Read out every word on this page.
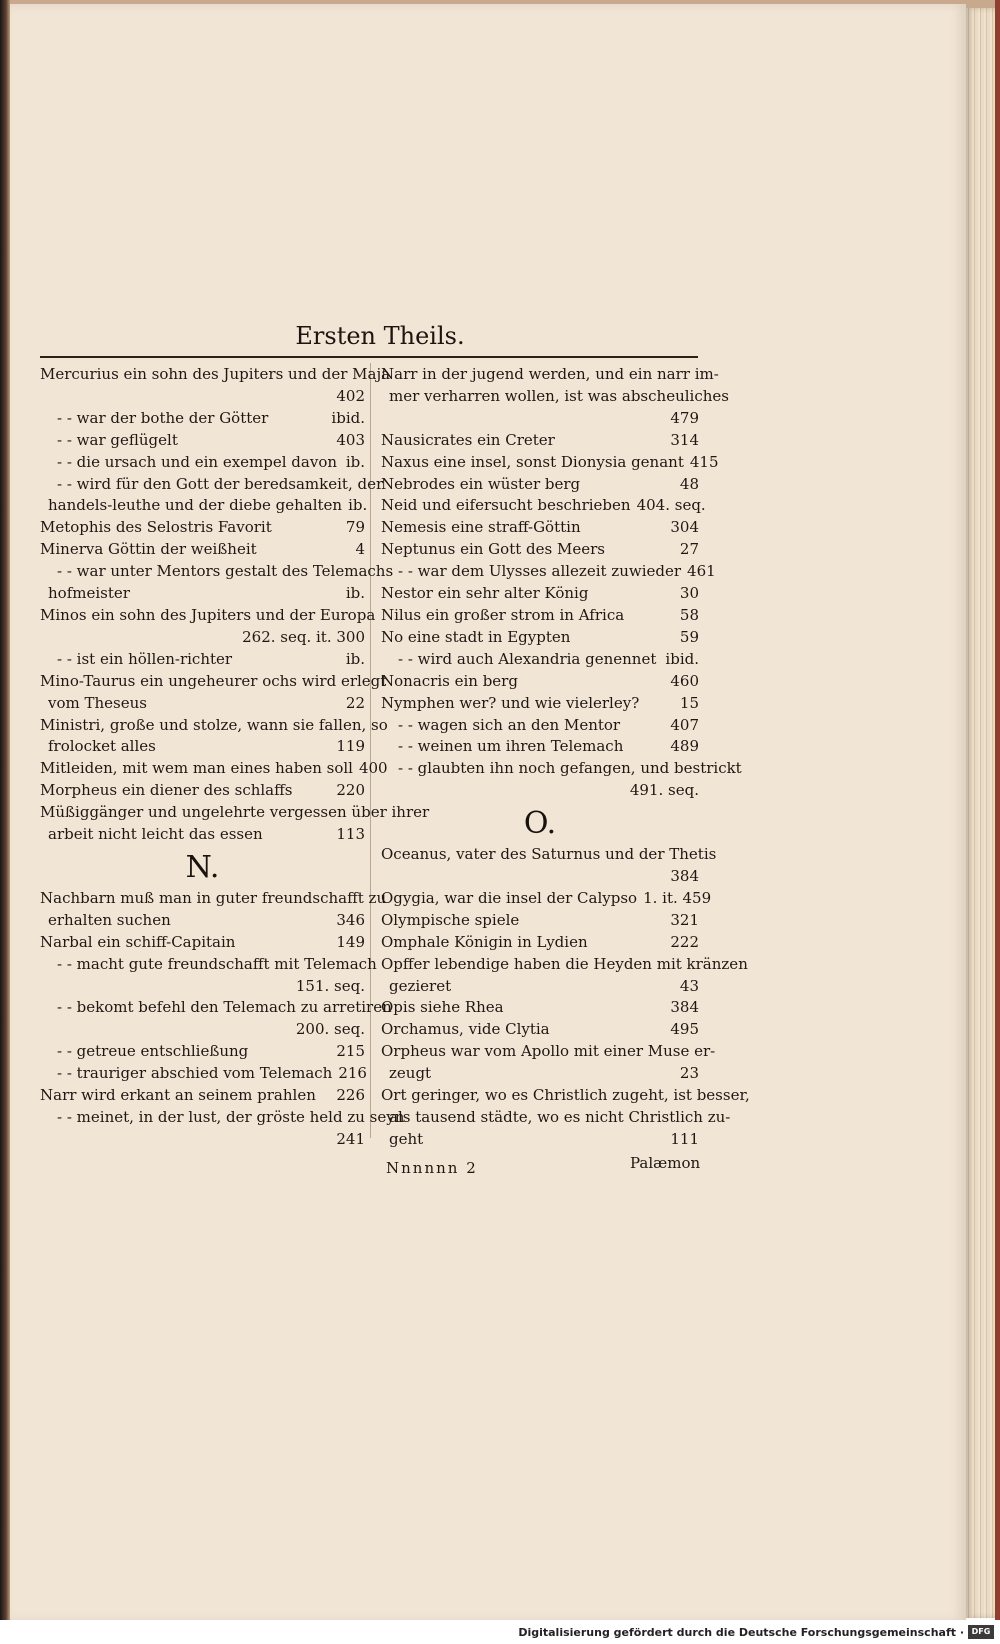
Ersten Theils.
Mercurius ein sohn des Jupiters und der Maja
402
- - war der bothe der Götter	ibid.
- - war geflügelt	403
- - die ursach und ein exempel davon ib.
- - wird für den Gott der beredsamkeit, der
handels-leuthe und der diebe gehalten ib.
Metophis des Selostris Favorit	79
Minerva Göttin der weißheit	4
- - war unter Mentors gestalt des Telemachs
hofmeister	ib.
Minos ein sohn des Jupiters und der Europa
262. seq. it. 300
- - ist ein höllen-richter	ib.
Mino-Taurus ein ungeheurer ochs wird erlegt
vom Theseus	22
Ministri, große und stolze, wann sie fallen, so
frolocket alles	119
Mitleiden, mit wem man eines haben soll 400
Morpheus ein diener des schlaffs	220
Müßiggänger und ungelehrte vergessen über ihrer
arbeit nicht leicht das essen	113
N.
Nachbarn muß man in guter freundschafft zu
erhalten suchen	346
Narbal ein schiff-Capitain	149
- - macht gute freundschafft mit Telemach
151. seq.
- - bekomt befehl den Telemach zu arretiren
200. seq.
- - getreue entschließung	215
- - trauriger abschied vom Telemach 216
Narr wird erkant an seinem prahlen	226
- - meinet, in der lust, der gröste held zu seyn
241
Narr in der jugend werden, und ein narr im-
mer verharren wollen, ist was abscheuliches
479
Nausicrates ein Creter	314
Naxus eine insel, sonst Dionysia genant 415
Nebrodes ein wüster berg	48
Neid und eifersucht beschrieben 404. seq.
Nemesis eine straff-Göttin	304
Neptunus ein Gott des Meers	27
- - war dem Ulysses allezeit zuwieder 461
Nestor ein sehr alter König	30
Nilus ein großer strom in Africa	58
No eine stadt in Egypten	59
- - wird auch Alexandria genennet ibid.
Nonacris ein berg	460
Nymphen wer? und wie vielerley?	15
- - wagen sich an den Mentor	407
- - weinen um ihren Telemach	489
- - glaubten ihn noch gefangen, und bestrickt
491. seq.
O.
Oceanus, vater des Saturnus und der Thetis
384
Ogygia, war die insel der Calypso 1. it. 459
Olympische spiele	321
Omphale Königin in Lydien	222
Opffer lebendige haben die Heyden mit kränzen
gezieret	43
Opis siehe Rhea	384
Orchamus, vide Clytia	495
Orpheus war vom Apollo mit einer Muse er-
zeugt	23
Ort geringer, wo es Christlich zugeht, ist besser,
als tausend städte, wo es nicht Christlich zu-
geht	111
Nnnnnn 2	Palæmon
Digitalisierung gefördert durch die Deutsche Forschungsgemeinschaft · DFG
